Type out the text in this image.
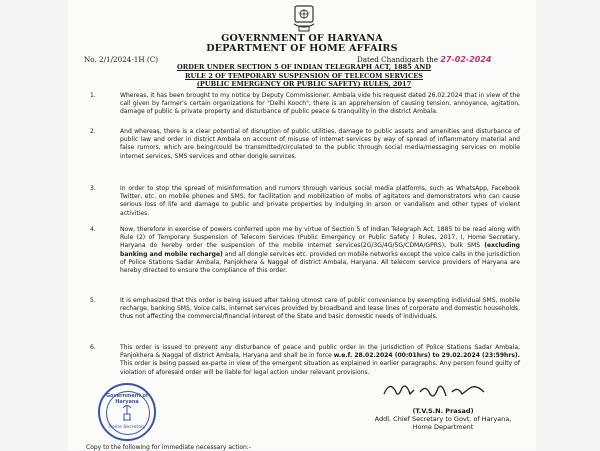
GOVERNMENT OF HARYANA
DEPARTMENT OF HOME AFFAIRS
No. 2/1/2024-1H (C)	Dated Chandigarh the 27-02-2024
ORDER UNDER SECTION 5 OF INDIAN TELEGRAPH ACT, 1885 AND
RULE 2 OF TEMPORARY SUSPENSION OF TELECOM SERVICES
(PUBLIC EMERGENCY OR PUBLIC SAFETY) RULES, 2017
1.	Whereas, it has been brought to my notice by Deputy Commissioner, Ambala vide his request dated 26.02.2024 that in view of the call given by farmer's certain organizations for "Delhi Kooch", there is an apprehension of causing tension, annoyance, agitation, damage of public & private property and disturbance of public peace & tranquility in the district Ambala.
2.	And whereas, there is a clear potential of disruption of public utilities, damage to public assets and amenities and disturbance of public law and order in district Ambala on account of misuse of internet services by way of spread of inflammatory material and false rumors, which are being/could be transmitted/circulated to the public through social media/messaging services on mobile internet services, SMS services and other dongle services.
3.	In order to stop the spread of misinformation and rumors through various social media platforms, such as WhatsApp, Facebook Twitter, etc. on mobile phones and SMS, for facilitation and mobilization of mobs of agitators and demonstrators who can cause serious loss of life and damage to public and private properties by indulging in arson or vandalism and other types of violent activities.
4.	Now, therefore in exercise of powers conferred upon me by virtue of Section 5 of Indian Telegraph Act, 1885 to be read along with Rule (2) of Temporary Suspension of Telecom Services (Public Emergency or Public Safety ) Rules, 2017, I, Home Secretary, Haryana do hereby order the suspension of the mobile internet services(2G/3G/4G/5G/CDMA/GPRS), bulk SMS (excluding banking and mobile recharge) and all dongle services etc. provided on mobile networks except the voice calls in the jurisdiction of Police Stations Sadar Ambala, Panjokhera & Naggal of district Ambala, Haryana. All telecom service providers of Haryana are hereby directed to ensure the compliance of this order.
5.	It is emphasized that this order is being issued after taking utmost care of public convenience by exempting individual SMS, mobile recharge, banking SMS, Voice calls, internet services provided by broadband and lease lines of corporate and domestic households, thus not affecting the commercial/financial interest of the State and basic domestic needs of individuals.
6.	This order is issued to prevent any disturbance of peace and public order in the jurisdiction of Police Stations Sadar Ambala, Panjokhera & Naggal of district Ambala, Haryana and shall be in force w.e.f. 28.02.2024 (00:01hrs) to 29.02.2024 (23:59hrs). This order is being passed ex-parte in view of the emergent situation as explained in earlier paragraphs. Any person found guilty of violation of aforesaid order will be liable for legal action under relevant provisions.
Government of Haryana
Home Secretary
(T.V.S.N. Prasad)
Addl. Chief Secretary to Govt. of Haryana,
Home Department
Copy to the following for immediate necessary action:-
